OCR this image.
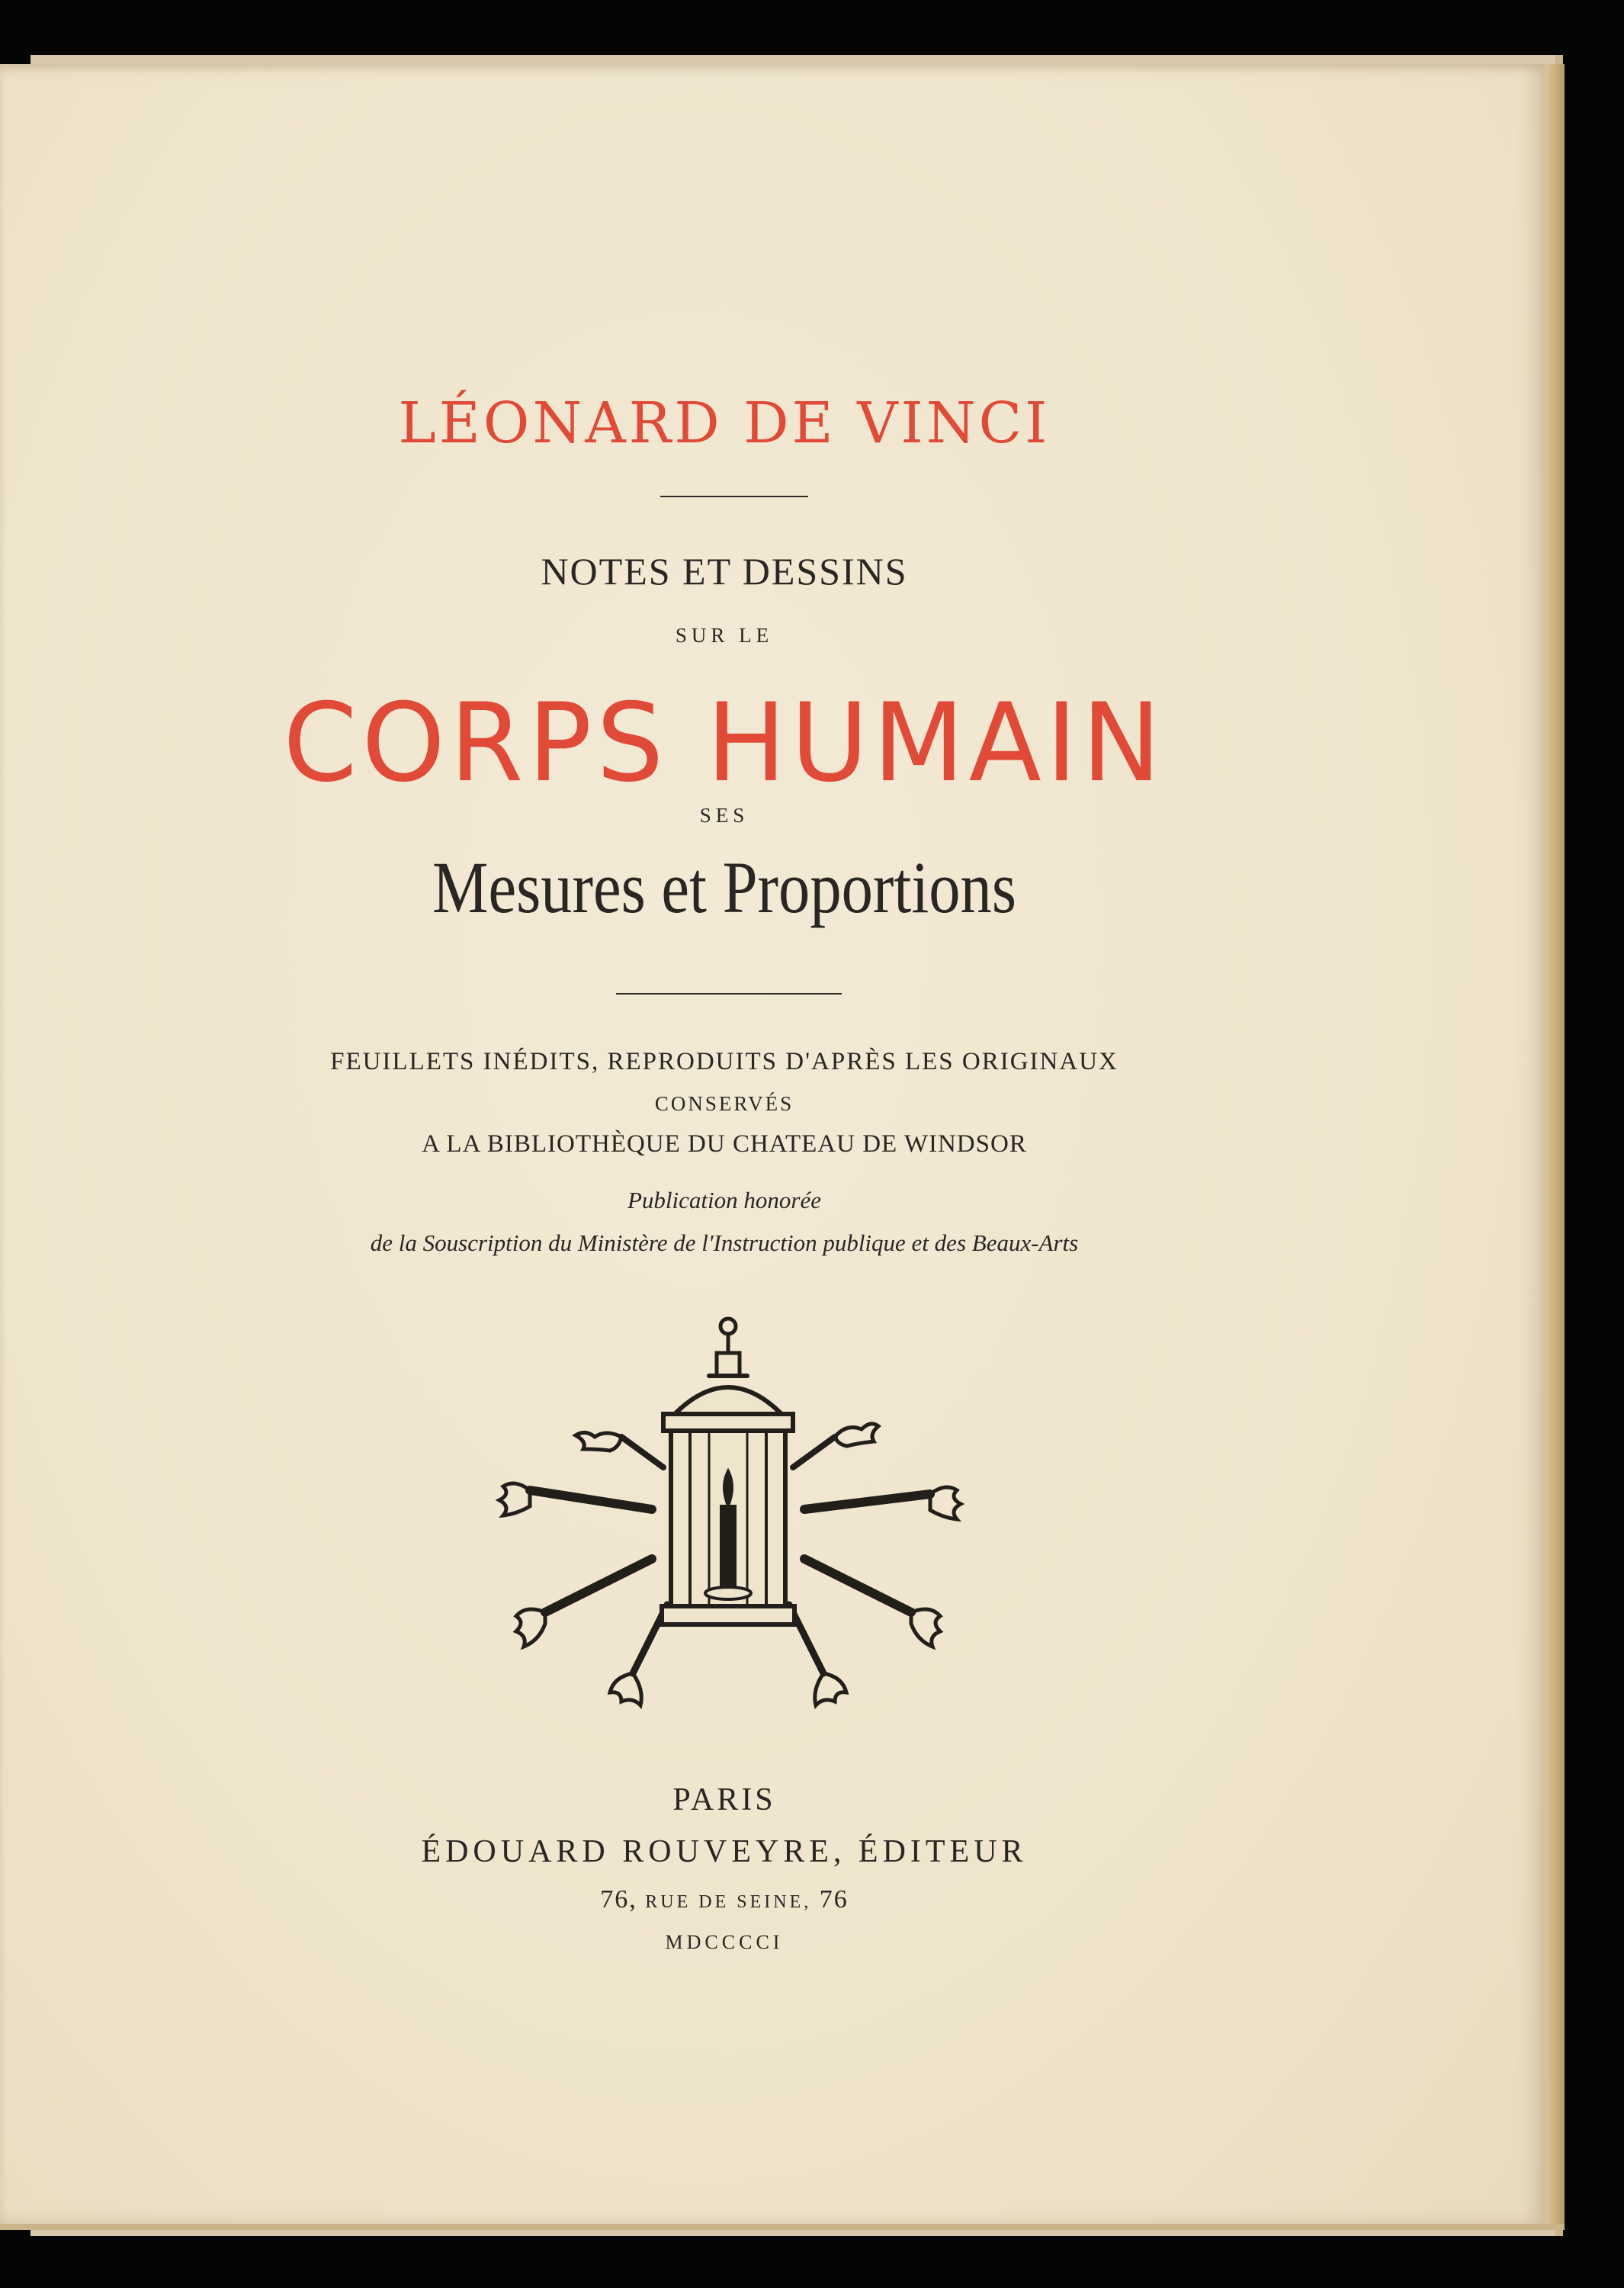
LÉONARD DE VINCI
NOTES ET DESSINS
SUR LE
CORPS HUMAIN
SES
Mesures et Proportions
FEUILLETS INÉDITS, REPRODUITS D'APRÈS LES ORIGINAUX
CONSERVÉS
A LA BIBLIOTHÈQUE DU CHATEAU DE WINDSOR
Publication honorée
de la Souscription du Ministère de l'Instruction publique et des Beaux-Arts
PARIS
ÉDOUARD ROUVEYRE, ÉDITEUR
76, RUE DE SEINE, 76
MDCCCCI
